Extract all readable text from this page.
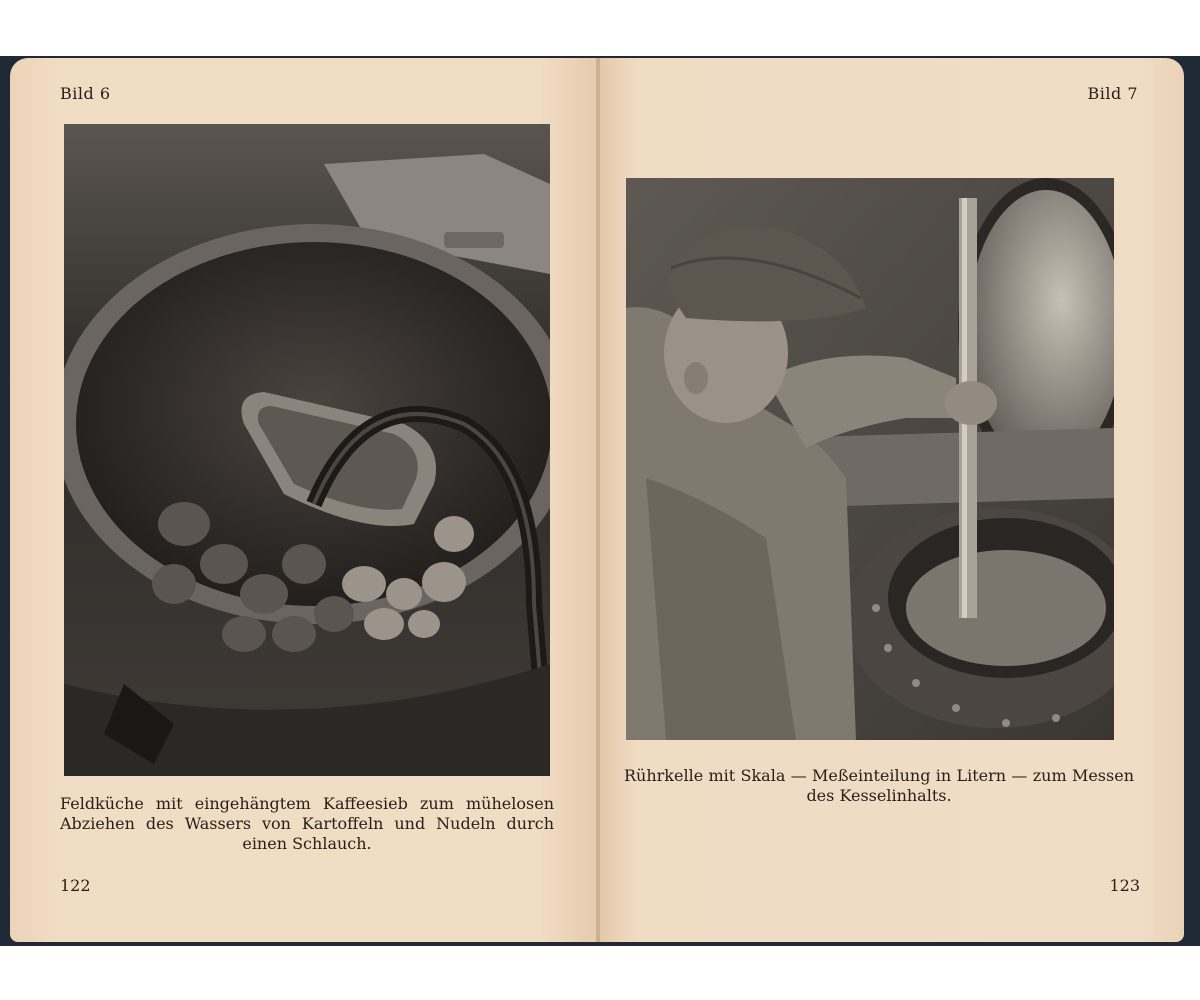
Bild 6
Feldküche mit eingehängtem Kaffeesieb zum mühelosen Abziehen des Wassers von Kartoffeln und Nudeln durch einen Schlauch.
122
Bild 7
Rührkelle mit Skala — Meßeinteilung in Litern — zum Messen des Kesselinhalts.
123
